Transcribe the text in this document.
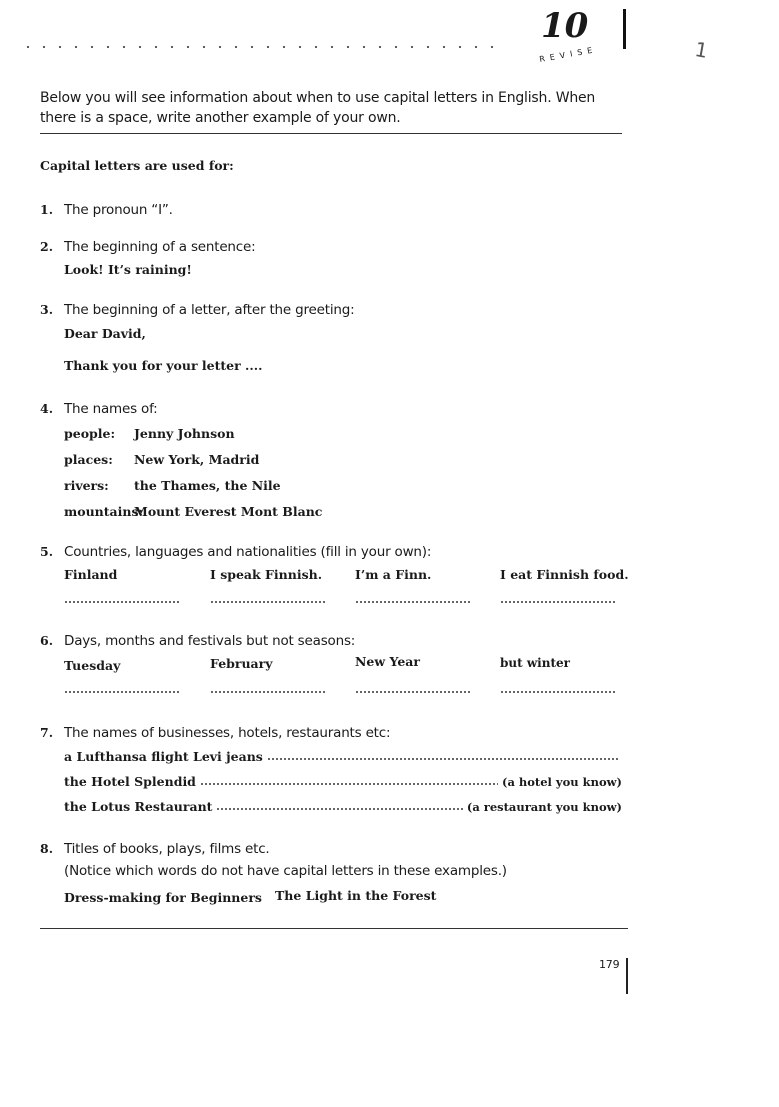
10
REVISE	1
Below you will see information about when to use capital letters in English. When there is a space, write another example of your own.
Capital letters are used for:
1. The pronoun “I”.
2. The beginning of a sentence:
Look! It’s raining!
3. The beginning of a letter, after the greeting:
Dear David,
Thank you for your letter ....
4. The names of:
people: Jenny Johnson
places: New York, Madrid
rivers: the Thames, the Nile
mountains:Mount Everest Mont Blanc
5. Countries, languages and nationalities (fill in your own):
Finland	I speak Finnish.	I’m a Finn.	I eat Finnish food.
6. Days, months and festivals but not seasons:
Tuesday	February	New Year	but winter
7. The names of businesses, hotels, restaurants etc:
a Lufthansa flight Levi jeans
the Hotel Splendid	(a hotel you know)
the Lotus Restaurant	(a restaurant you know)
8. Titles of books, plays, films etc.
(Notice which words do not have capital letters in these examples.)
Dress-making for Beginners The Light in the Forest
179
